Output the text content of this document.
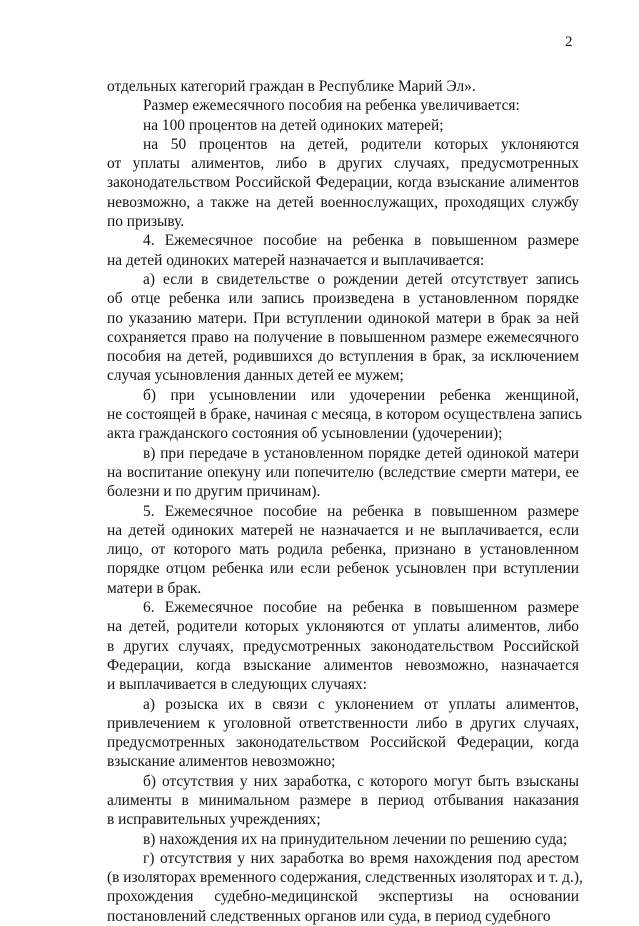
2
отдельных категорий граждан в Республике Марий Эл».
Размер ежемесячного пособия на ребенка увеличивается:
на 100 процентов на детей одиноких матерей;
на 50 процентов на детей, родители которых уклоняются
от уплаты алиментов, либо в других случаях, предусмотренных
законодательством Российской Федерации, когда взыскание алиментов
невозможно, а также на детей военнослужащих, проходящих службу
по призыву.
4. Ежемесячное пособие на ребенка в повышенном размере
на детей одиноких матерей назначается и выплачивается:
а) если в свидетельстве о рождении детей отсутствует запись
об отце ребенка или запись произведена в установленном порядке
по указанию матери. При вступлении одинокой матери в брак за ней
сохраняется право на получение в повышенном размере ежемесячного
пособия на детей, родившихся до вступления в брак, за исключением
случая усыновления данных детей ее мужем;
б) при усыновлении или удочерении ребенка женщиной,
не состоящей в браке, начиная с месяца, в котором осуществлена запись
акта гражданского состояния об усыновлении (удочерении);
в) при передаче в установленном порядке детей одинокой матери
на воспитание опекуну или попечителю (вследствие смерти матери, ее
болезни и по другим причинам).
5. Ежемесячное пособие на ребенка в повышенном размере
на детей одиноких матерей не назначается и не выплачивается, если
лицо, от которого мать родила ребенка, признано в установленном
порядке отцом ребенка или если ребенок усыновлен при вступлении
матери в брак.
6. Ежемесячное пособие на ребенка в повышенном размере
на детей, родители которых уклоняются от уплаты алиментов, либо
в других случаях, предусмотренных законодательством Российской
Федерации, когда взыскание алиментов невозможно, назначается
и выплачивается в следующих случаях:
а) розыска их в связи с уклонением от уплаты алиментов,
привлечением к уголовной ответственности либо в других случаях,
предусмотренных законодательством Российской Федерации, когда
взыскание алиментов невозможно;
б) отсутствия у них заработка, с которого могут быть взысканы
алименты в минимальном размере в период отбывания наказания
в исправительных учреждениях;
в) нахождения их на принудительном лечении по решению суда;
г) отсутствия у них заработка во время нахождения под арестом
(в изоляторах временного содержания, следственных изоляторах и т. д.),
прохождения судебно-медицинской экспертизы на основании
постановлений следственных органов или суда, в период судебного
